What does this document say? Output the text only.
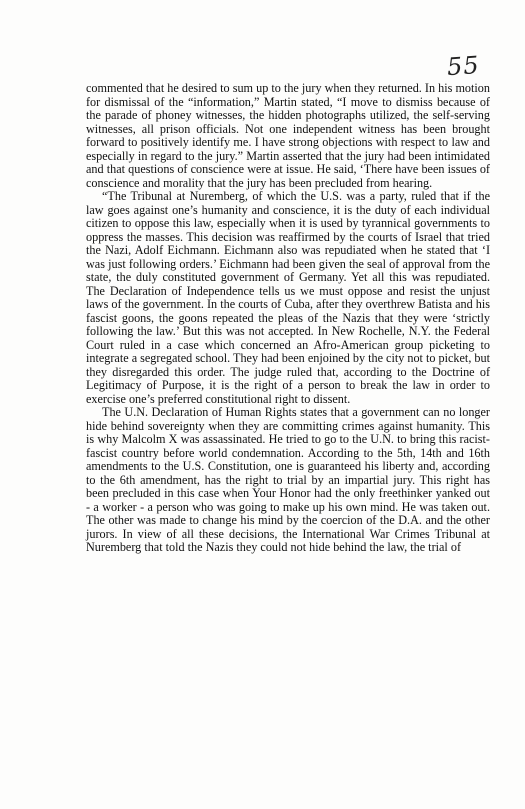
55

commented that he desired to sum up to the jury when they returned. In his motion for dismissal of the “information,” Martin stated, “I move to dismiss because of the parade of phoney witnesses, the hidden photographs utilized, the self-serving witnesses, all prison officials. Not one independent witness has been brought forward to positively identify me. I have strong objections with respect to law and especially in regard to the jury.” Martin asserted that the jury had been intimidated and that questions of conscience were at issue. He said, ‘There have been issues of conscience and morality that the jury has been precluded from hearing.

“The Tribunal at Nuremberg, of which the U.S. was a party, ruled that if the law goes against one’s humanity and conscience, it is the duty of each individual citizen to oppose this law, especially when it is used by tyrannical governments to oppress the masses. This decision was reaffirmed by the courts of Israel that tried the Nazi, Adolf Eichmann. Eichmann also was repudiated when he stated that ‘I was just following orders.’ Eichmann had been given the seal of approval from the state, the duly constituted government of Germany. Yet all this was repudiated. The Declaration of Independence tells us we must oppose and resist the unjust laws of the government. In the courts of Cuba, after they overthrew Batista and his fascist goons, the goons repeated the pleas of the Nazis that they were ‘strictly following the law.’ But this was not accepted. In New Rochelle, N.Y. the Federal Court ruled in a case which concerned an Afro-American group picketing to integrate a segregated school. They had been enjoined by the city not to picket, but they disregarded this order. The judge ruled that, according to the Doctrine of Legitimacy of Purpose, it is the right of a person to break the law in order to exercise one’s preferred constitutional right to dissent.

The U.N. Declaration of Human Rights states that a government can no longer hide behind sovereignty when they are committing crimes against humanity. This is why Malcolm X was assassinated. He tried to go to the U.N. to bring this racist-fascist country before world condemnation. According to the 5th, 14th and 16th amendments to the U.S. Constitution, one is guaranteed his liberty and, according to the 6th amendment, has the right to trial by an impartial jury. This right has been precluded in this case when Your Honor had the only freethinker yanked out - a worker - a person who was going to make up his own mind. He was taken out. The other was made to change his mind by the coercion of the D.A. and the other jurors. In view of all these decisions, the International War Crimes Tribunal at Nuremberg that told the Nazis they could not hide behind the law, the trial of
